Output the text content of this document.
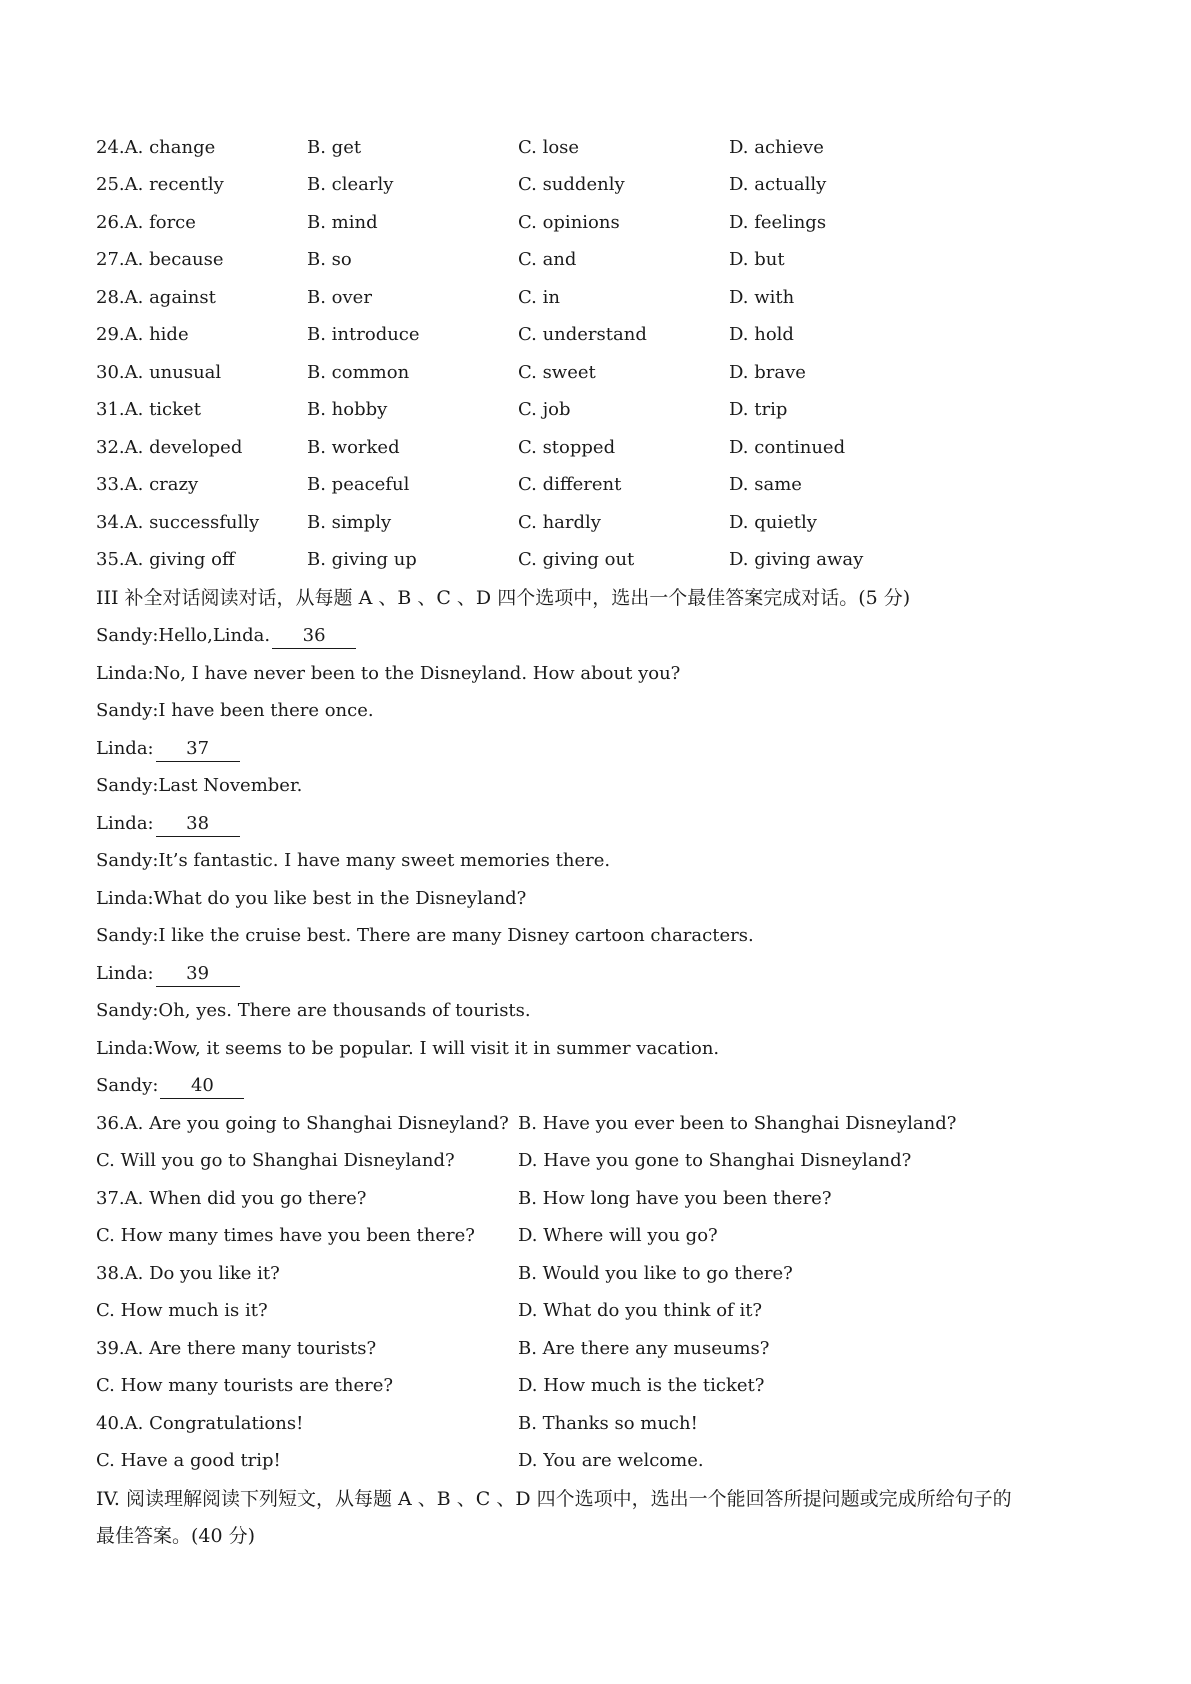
24.A. change	B. get	C. lose	D. achieve
25.A. recently	B. clearly	C. suddenly	D. actually
26.A. force	B. mind	C. opinions	D. feelings
27.A. because	B. so	C. and	D. but
28.A. against	B. over	C. in	D. with
29.A. hide	B. introduce	C. understand	D. hold
30.A. unusual	B. common	C. sweet	D. brave
31.A. ticket	B. hobby	C. job	D. trip
32.A. developed	B. worked	C. stopped	D. continued
33.A. crazy	B. peaceful	C. different	D. same
34.A. successfully	B. simply	C. hardly	D. quietly
35.A. giving off	B. giving up	C. giving out	D. giving away
III 补全对话阅读对话，从每题 A 、B 、C 、D 四个选项中，选出一个最佳答案完成对话。(5 分)
Sandy:Hello,Linda. 36
Linda:No, I have never been to the Disneyland. How about you?
Sandy:I have been there once.
Linda: 37
Sandy:Last November.
Linda: 38
Sandy:It’s fantastic. I have many sweet memories there.
Linda:What do you like best in the Disneyland?
Sandy:I like the cruise best. There are many Disney cartoon characters.
Linda: 39
Sandy:Oh, yes. There are thousands of tourists.
Linda:Wow, it seems to be popular. I will visit it in summer vacation.
Sandy: 40
36.A. Are you going to Shanghai Disneyland? B. Have you ever been to Shanghai Disneyland?
C. Will you go to Shanghai Disneyland?	D. Have you gone to Shanghai Disneyland?
37.A. When did you go there?	B. How long have you been there?
C. How many times have you been there? D. Where will you go?
38.A. Do you like it?	B. Would you like to go there?
C. How much is it?	D. What do you think of it?
39.A. Are there many tourists?	B. Are there any museums?
C. How many tourists are there?	D. How much is the ticket?
40.A. Congratulations!	B. Thanks so much!
C. Have a good trip!	D. You are welcome.
IV. 阅读理解阅读下列短文，从每题 A 、B 、C 、D 四个选项中，选出一个能回答所提问题或完成所给句子的
最佳答案。(40 分)
